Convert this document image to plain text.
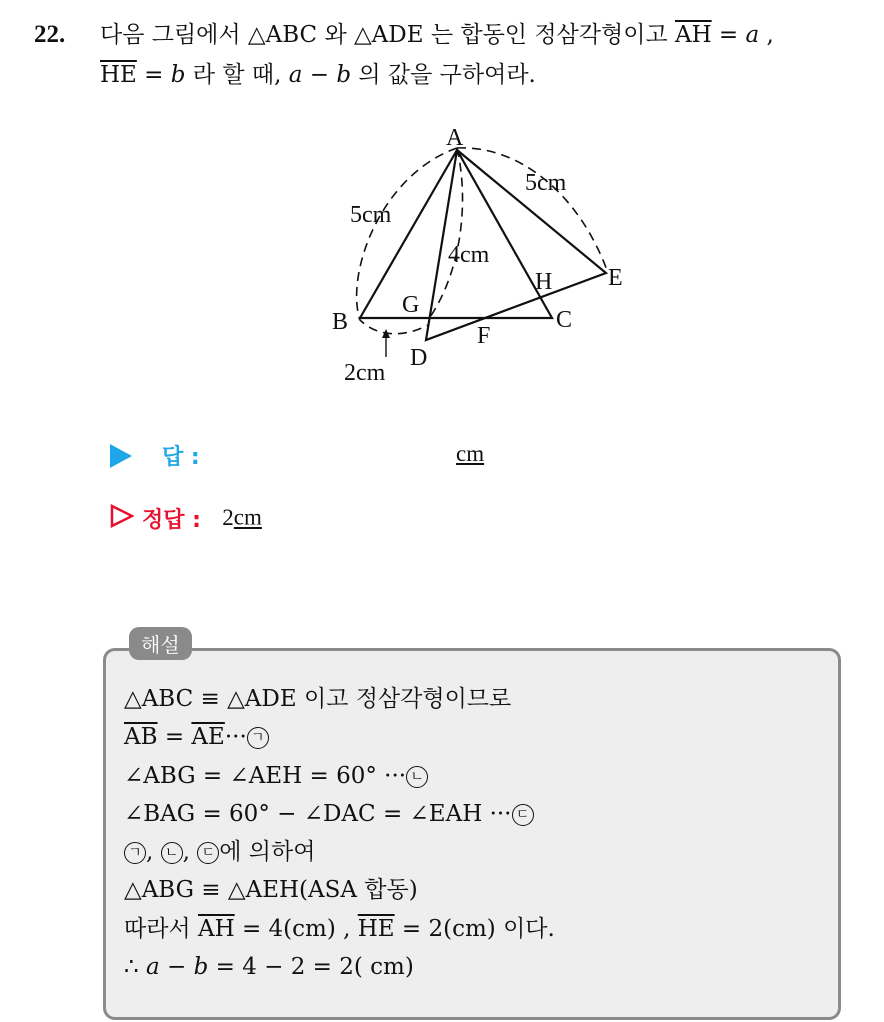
22. 다음 그림에서 △ABC 와 △ADE 는 합동인 정삼각형이고 $\overline{AH} = a$ ,
$\overline{HE} = b$ 라 할 때, a − b 의 값을 구하여라.
A
B	C
D
E
F
G
H
5cm
5cm
4cm
2cm
답 :	cm
정답 : 2cm
해설
△ABC ≡ △ADE 이고 정삼각형이므로
$\overline{AB} = \overline{AE}\cdot\cdot\cdot$ ㄱ
∠ABG = ∠AEH = 60° ··· ㄴ
∠BAG = 60° − ∠DAC = ∠EAH ··· ㄷ
ㄱ , ㄴ , ㄷ 에 의하여
△ABG ≡ △AEH(ASA 합동)
따라서 $\overline{AH} = 4(cm)$ , $\overline{HE} = 2(cm)$ 이다.
∴ a − b = 4 − 2 = 2( cm)
